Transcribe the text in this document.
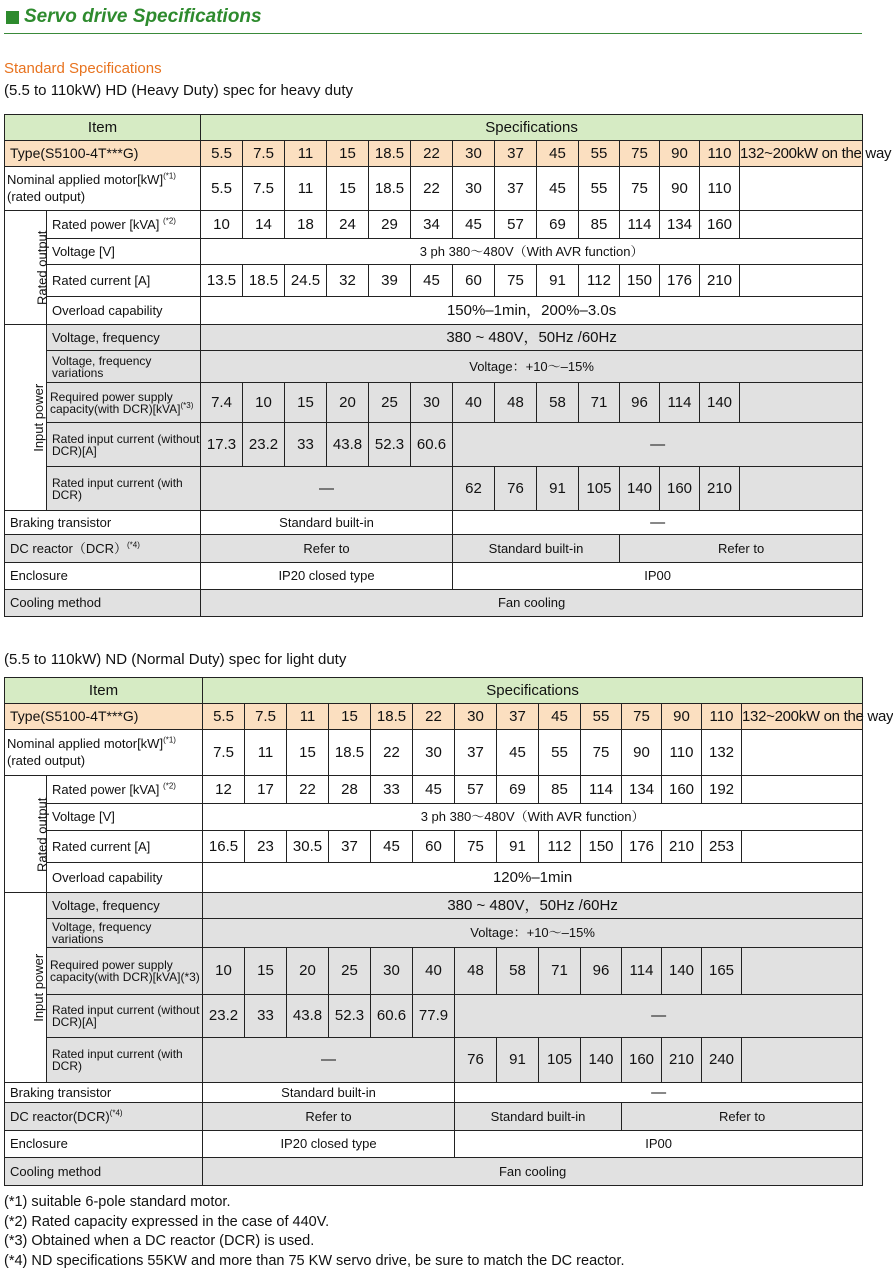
Servo drive Specifications
Standard Specifications
(5.5 to 110kW) HD (Heavy Duty) spec for heavy duty
Item		Specifications													
Type(S5100-4T***G)		5.5	7.5	11	15	18.5	22	30	37	45	55	75	90	110	132~200kW on the way
Nominal applied motor[kW]$^{(*1)}$
(rated output)		5.5	7.5	11	15	18.5	22	30	37	45	55	75	90	110	
Rated output	Rated power [kVA] $^{(*2)}$	10	14	18	24	29	34	45	57	69	85	114	134	160	
	Voltage [V]	3 ph 380～480V（With AVR function）													
	Rated current [A]	13.5	18.5	24.5	32	39	45	60	75	91	112	150	176	210	
	Overload capability	150%–1min，200%–3.0s													
Input power	Voltage, frequency	380 ~ 480V，50Hz /60Hz													
	Voltage, frequency variations	Voltage：+10～–15%													
	Required power supply capacity(with DCR)[kVA]$^{(*3)}$	7.4	10	15	20	25	30	40	48	58	71	96	114	140	
	Rated input current (without DCR)[A]	17.3	23.2	33	43.8	52.3	60.6	—							
	Rated input current (with DCR)	—						62	76	91	105	140	160	210	
Braking transistor		Standard built-in						—							
DC reactor（DCR）$^{(*4)}$		Refer to						Standard built-in				Refer to			
Enclosure		IP20 closed type						IP00							
Cooling method		Fan cooling													
(5.5 to 110kW) ND (Normal Duty) spec for light duty
Item		Specifications													
Type(S5100-4T***G)		5.5	7.5	11	15	18.5	22	30	37	45	55	75	90	110	132~200kW on the way
Nominal applied motor[kW]$^{(*1)}$
(rated output)		7.5	11	15	18.5	22	30	37	45	55	75	90	110	132	
Rated output	Rated power [kVA] $^{(*2)}$	12	17	22	28	33	45	57	69	85	114	134	160	192	
	Voltage [V]	3 ph 380～480V（With AVR function）													
	Rated current [A]	16.5	23	30.5	37	45	60	75	91	112	150	176	210	253	
	Overload capability	120%–1min													
Input power	Voltage, frequency	380 ~ 480V，50Hz /60Hz													
	Voltage, frequency variations	Voltage：+10～–15%													
	Required power supply capacity(with DCR)[kVA](*3)	10	15	20	25	30	40	48	58	71	96	114	140	165	
	Rated input current (without DCR)[A]	23.2	33	43.8	52.3	60.6	77.9	—							
	Rated input current (with DCR)	—						76	91	105	140	160	210	240	
Braking transistor		Standard built-in						—							
DC reactor(DCR)$^{(*4)}$		Refer to						Standard built-in				Refer to			
Enclosure		IP20 closed type						IP00							
Cooling method		Fan cooling													
(*1) suitable 6-pole standard motor.
(*2) Rated capacity expressed in the case of 440V.
(*3) Obtained when a DC reactor (DCR) is used.
(*4) ND specifications 55KW and more than 75 KW servo drive, be sure to match the DC reactor.
